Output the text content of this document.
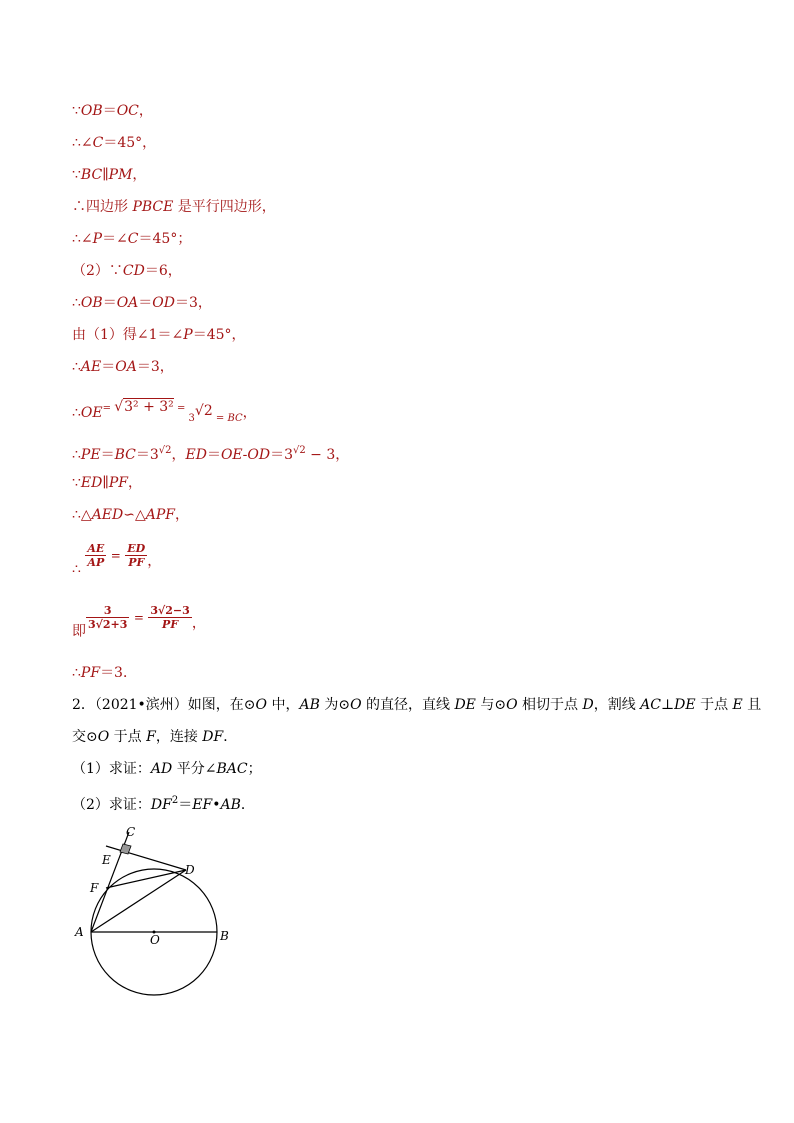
∵OB＝OC，
∴∠C＝45°，
∵BC∥PM，
∴四边形 PBCE 是平行四边形，
∴∠P＝∠C＝45°；
（2）∵CD＝6，
∴OB＝OA＝OD＝3，
由（1）得∠1＝∠P＝45°，
∴AE＝OA＝3，
∴OE= √3² + 3² = $_3$√2 $_=$ $_{BC}$，
$\therefore PE=BC=3^{√2}$，$ED=OE-OD=3^{√2} - 3$，
∵ED∥PF，
∴△AED∽△APF，
∴
$\frac{AE}{AP} = \frac{ED}{PF}$ ，
即
$\frac{3}{3√2+3} = \frac{3√2-3}{PF}$ ，
∴PF＝3．
2．（2021•滨州）如图，在⊙O 中，AB 为⊙O 的直径，直线 DE 与⊙O 相切于点 D，割线 AC⊥DE 于点 E 且
交⊙O 于点 F，连接 DF．
（1）求证：AD 平分∠BAC；
（2）求证：$DF^2=EF•AB$．
C
E
F
D
A
O	B
